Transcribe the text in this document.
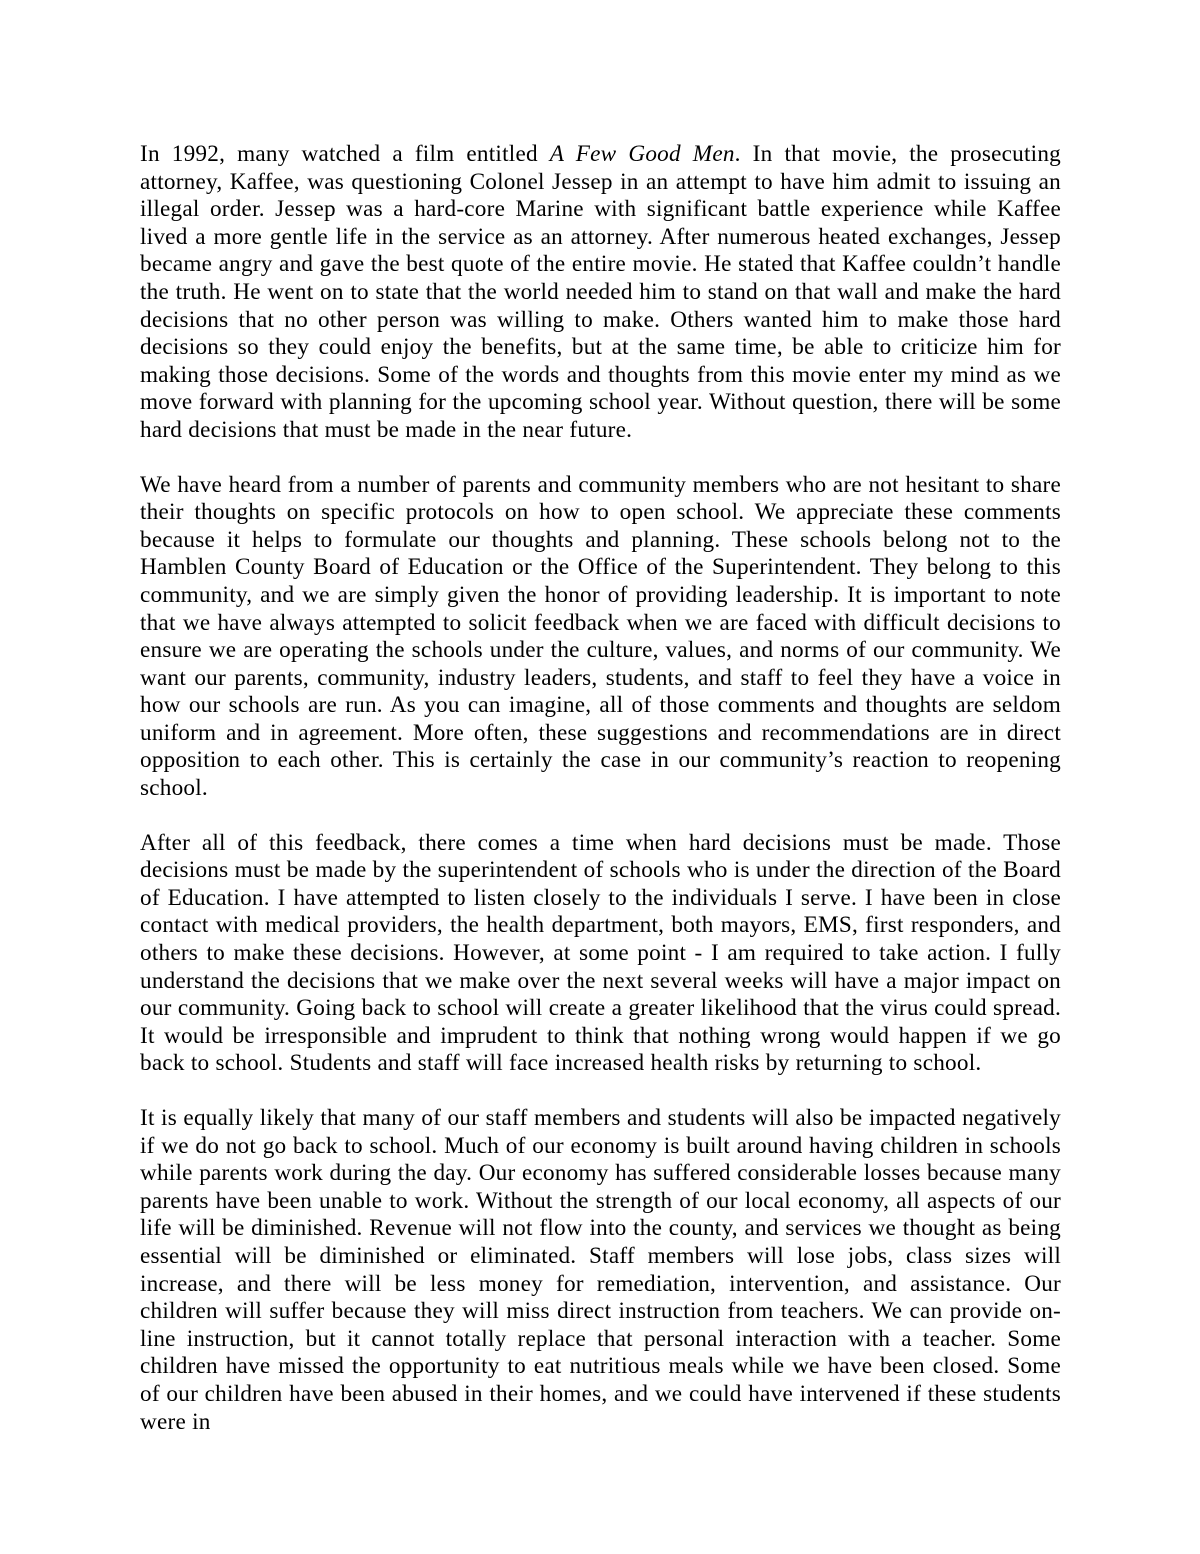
In 1992, many watched a film entitled A Few Good Men. In that movie, the prosecuting attorney, Kaffee, was questioning Colonel Jessep in an attempt to have him admit to issuing an illegal order. Jessep was a hard-core Marine with significant battle experience while Kaffee lived a more gentle life in the service as an attorney. After numerous heated exchanges, Jessep became angry and gave the best quote of the entire movie. He stated that Kaffee couldn’t handle the truth. He went on to state that the world needed him to stand on that wall and make the hard decisions that no other person was willing to make. Others wanted him to make those hard decisions so they could enjoy the benefits, but at the same time, be able to criticize him for making those decisions. Some of the words and thoughts from this movie enter my mind as we move forward with planning for the upcoming school year. Without question, there will be some hard decisions that must be made in the near future.

We have heard from a number of parents and community members who are not hesitant to share their thoughts on specific protocols on how to open school. We appreciate these comments because it helps to formulate our thoughts and planning. These schools belong not to the Hamblen County Board of Education or the Office of the Superintendent. They belong to this community, and we are simply given the honor of providing leadership. It is important to note that we have always attempted to solicit feedback when we are faced with difficult decisions to ensure we are operating the schools under the culture, values, and norms of our community. We want our parents, community, industry leaders, students, and staff to feel they have a voice in how our schools are run. As you can imagine, all of those comments and thoughts are seldom uniform and in agreement. More often, these suggestions and recommendations are in direct opposition to each other. This is certainly the case in our community’s reaction to reopening school.

After all of this feedback, there comes a time when hard decisions must be made. Those decisions must be made by the superintendent of schools who is under the direction of the Board of Education. I have attempted to listen closely to the individuals I serve. I have been in close contact with medical providers, the health department, both mayors, EMS, first responders, and others to make these decisions. However, at some point - I am required to take action. I fully understand the decisions that we make over the next several weeks will have a major impact on our community. Going back to school will create a greater likelihood that the virus could spread. It would be irresponsible and imprudent to think that nothing wrong would happen if we go back to school. Students and staff will face increased health risks by returning to school.

It is equally likely that many of our staff members and students will also be impacted negatively if we do not go back to school. Much of our economy is built around having children in schools while parents work during the day. Our economy has suffered considerable losses because many parents have been unable to work. Without the strength of our local economy, all aspects of our life will be diminished. Revenue will not flow into the county, and services we thought as being essential will be diminished or eliminated. Staff members will lose jobs, class sizes will increase, and there will be less money for remediation, intervention, and assistance. Our children will suffer because they will miss direct instruction from teachers. We can provide on-line instruction, but it cannot totally replace that personal interaction with a teacher. Some children have missed the opportunity to eat nutritious meals while we have been closed. Some of our children have been abused in their homes, and we could have intervened if these students were in
